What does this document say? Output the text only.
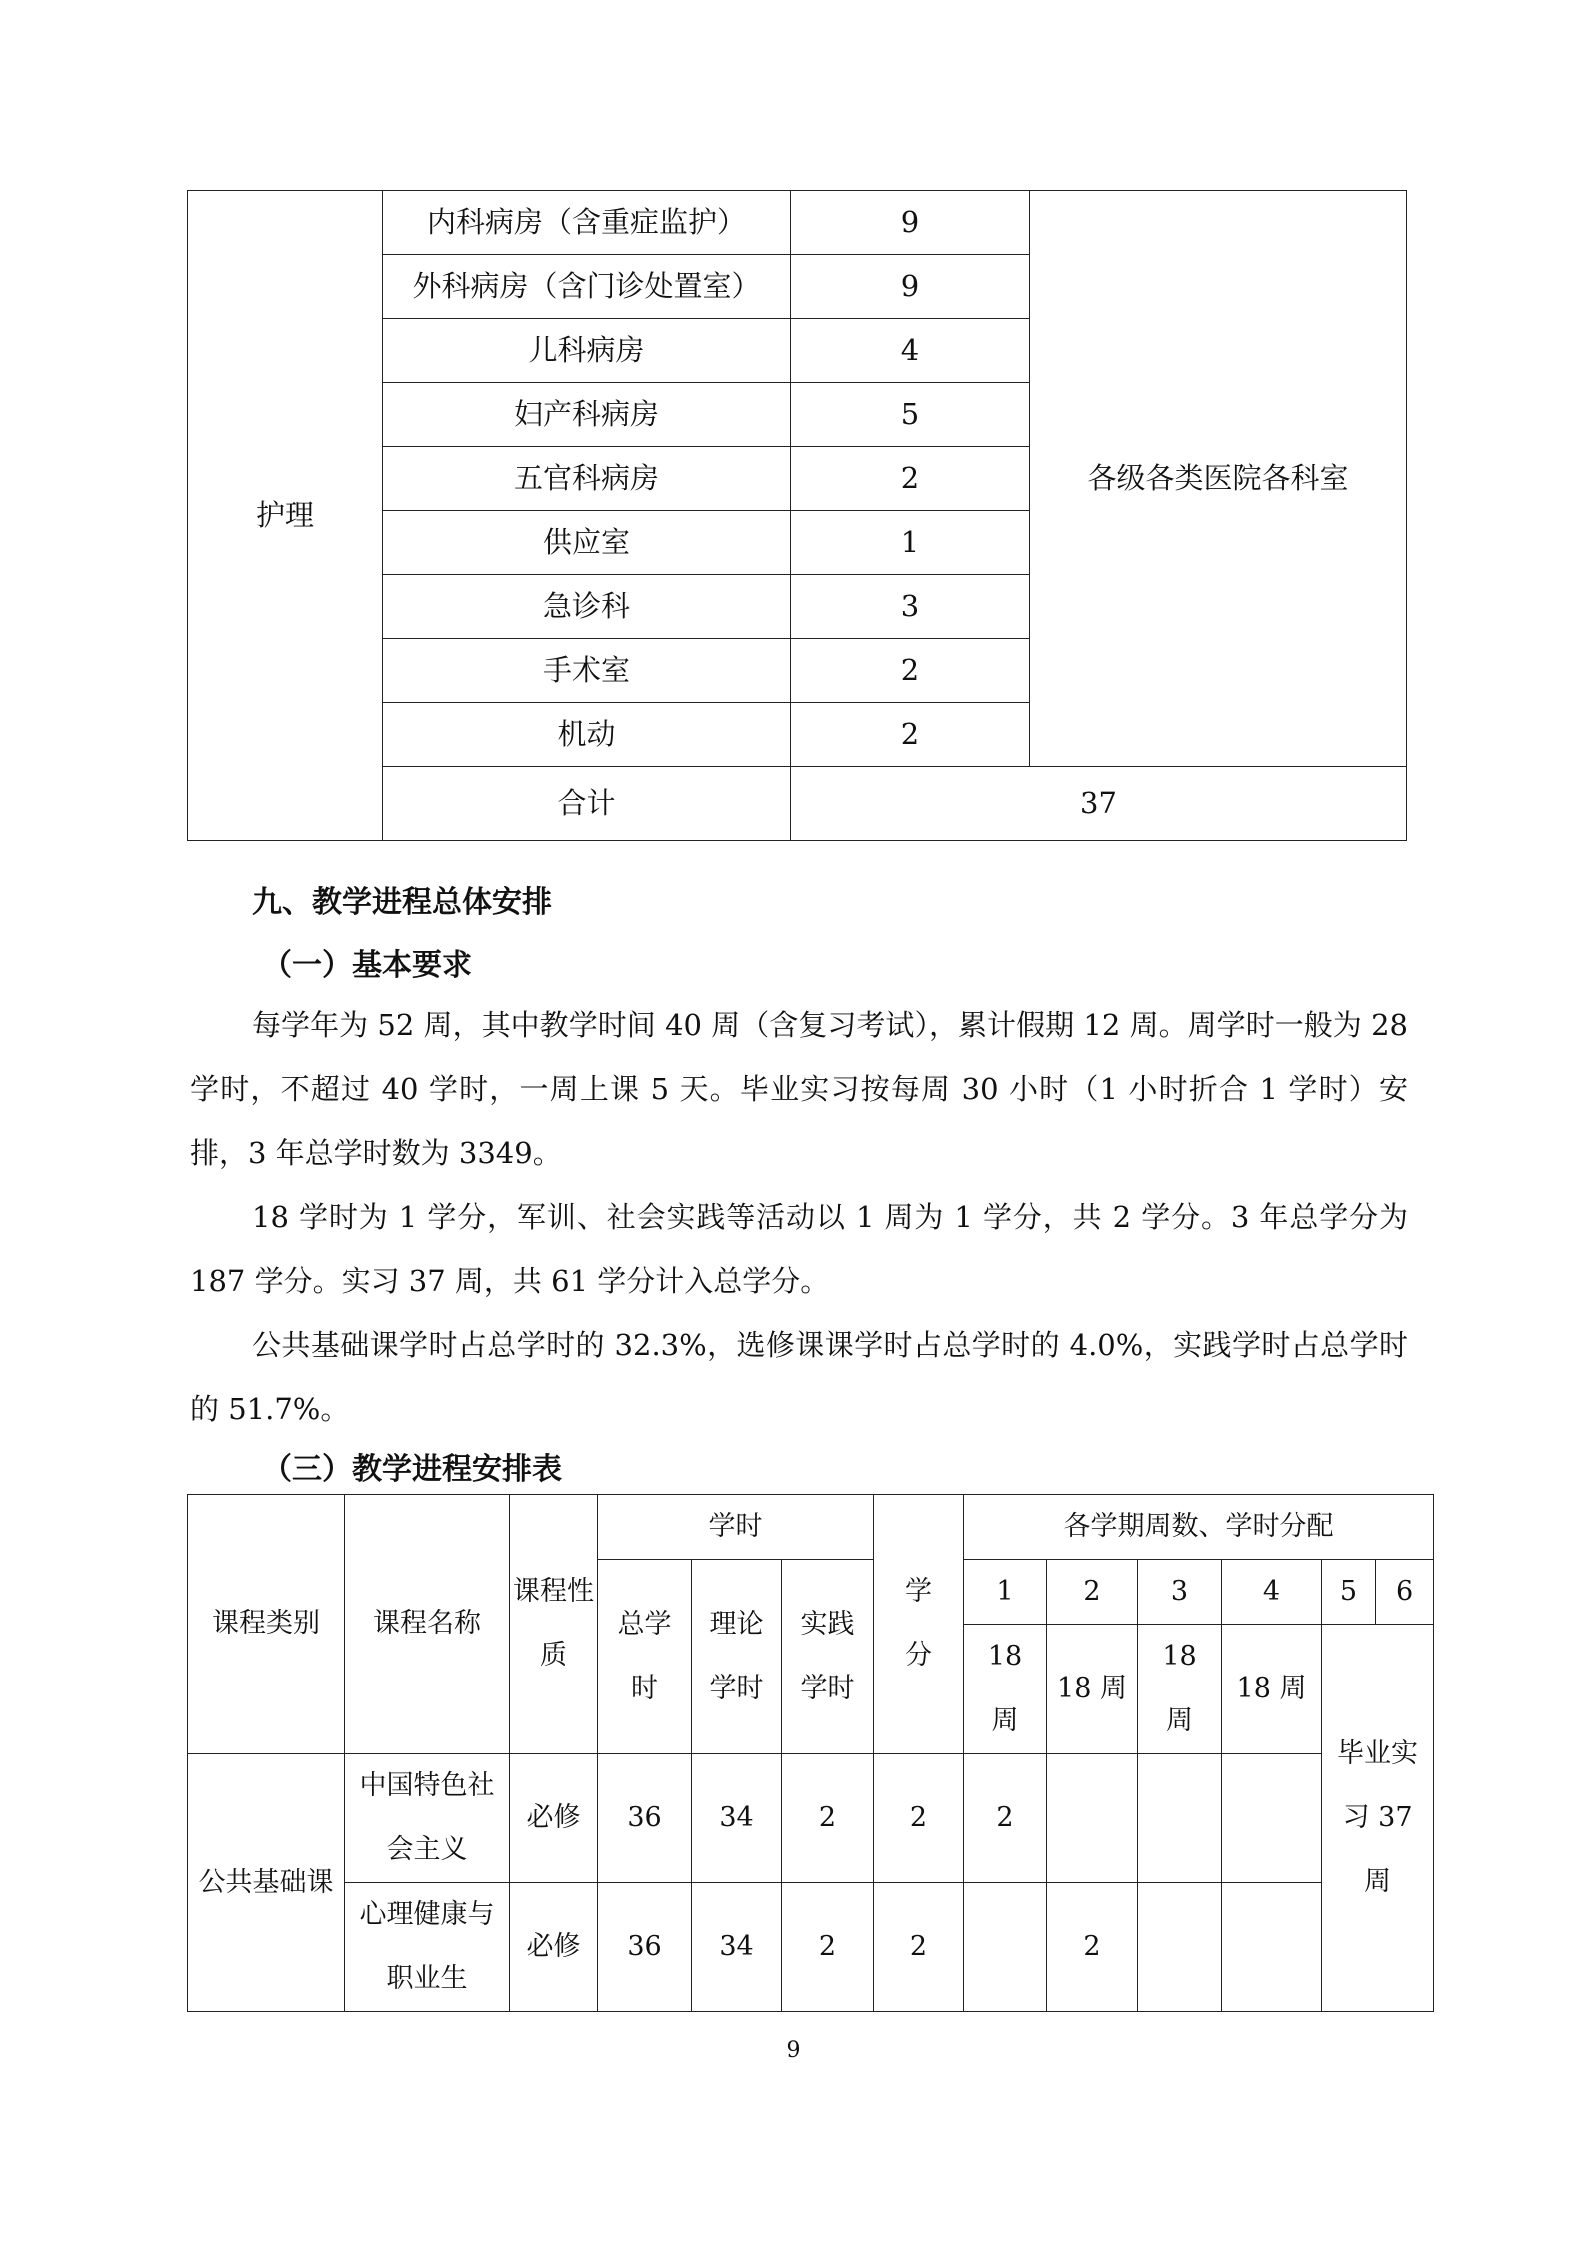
护理	内科病房（含重症监护）	9	各级各类医院各科室
	外科病房（含门诊处置室）	9	
	儿科病房	4	
	妇产科病房	5	
	五官科病房	2	
	供应室	1	
	急诊科	3	
	手术室	2	
	机动	2	
	合计	37	
九、教学进程总体安排
（一）基本要求
每学年为 52 周，其中教学时间 40 周（含复习考试），累计假期 12 周。周学时一般为 28 学时，不超过 40 学时，一周上课 5 天。毕业实习按每周 30 小时（1 小时折合 1 学时）安排，3 年总学时数为 3349。
18 学时为 1 学分，军训、社会实践等活动以 1 周为 1 学分，共 2 学分。3 年总学分为 187 学分。实习 37 周，共 61 学分计入总学分。
公共基础课学时占总学时的 32.3%，选修课课学时占总学时的 4.0%，实践学时占总学时的 51.7%。
（三）教学进程安排表
课程类别	课程名称	课程性质	学时			学分	各学期周数、学时分配					
			总学时	理论学时	实践学时		1	2	3	4	5	6
							18 周	18 周	18 周	18 周	毕业实习 37 周	
公共基础课	中国特色社会主义	必修	36	34	2	2	2					
	心理健康与职业生	必修	36	34	2	2		2				
9
